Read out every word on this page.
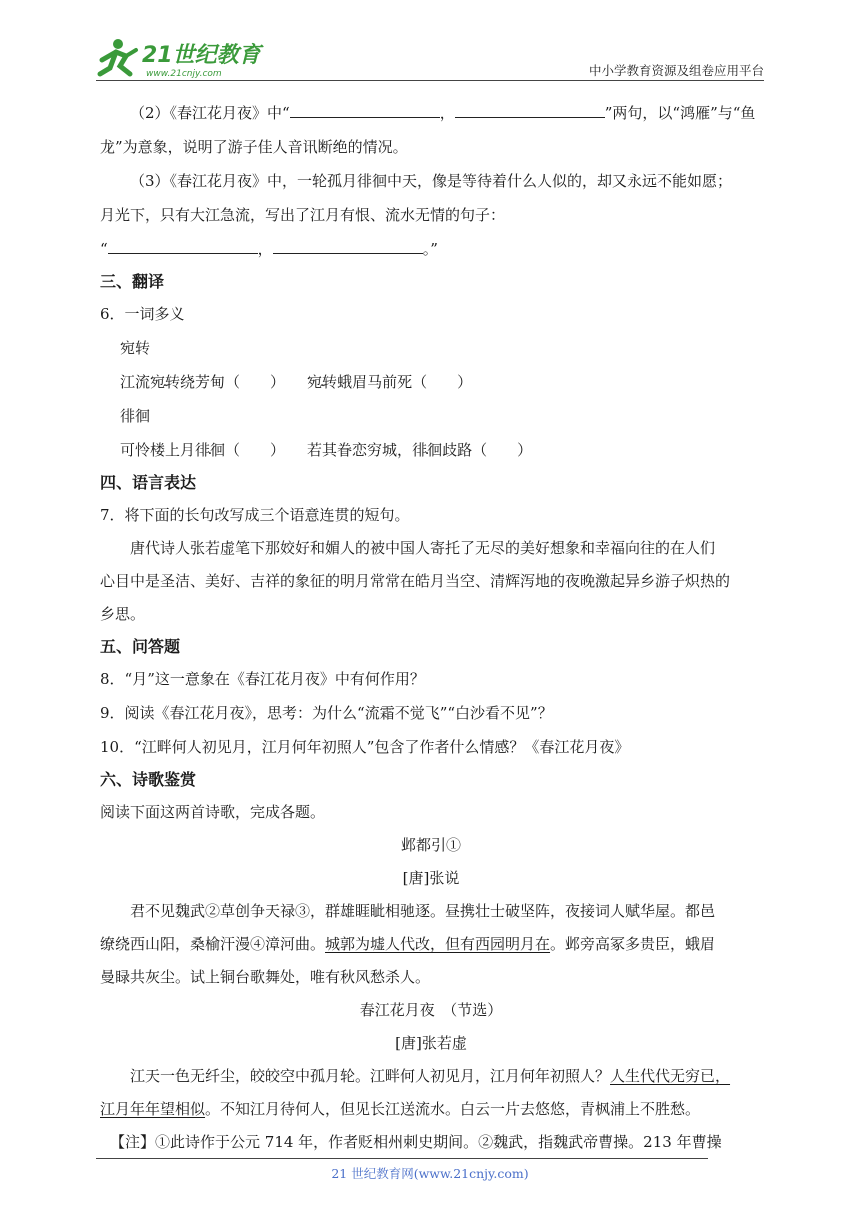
21世纪教育
www.21cnjy.com	中小学教育资源及组卷应用平台

（2）《春江花月夜》中“	，	”两句，以“鸿雁”与“鱼

龙”为意象，说明了游子佳人音讯断绝的情况。

（3）《春江花月夜》中，一轮孤月徘徊中天，像是等待着什么人似的，却又永远不能如愿；

月光下，只有大江急流，写出了江月有恨、流水无情的句子：

“	，	。”

三、翻译

6．一词多义

宛转

江流宛转 ·绕芳甸（　　） 宛转 ·蛾眉马前死（　　）

徘徊

可怜楼上月徘徊 ·（　　） 若其眷恋穷城，徘徊 ·歧路（　　）

四、语言表达

7．将下面的长句改写成三个语意连贯的短句。

唐代诗人张若虚笔下那姣好和媚人的被中国人寄托了无尽的美好想象和幸福向往的在人们

心目中是圣洁、美好、吉祥的象征的明月常常在皓月当空、清辉泻地的夜晚激起异乡游子炽热的

乡思。

五、问答题

8．“月”这一意象在《春江花月夜》中有何作用？

9．阅读《春江花月夜》，思考：为什么“流霜不觉飞”“白沙看不见”？

10．“江畔何人初见月，江月何年初照人”包含了作者什么情感？《春江花月夜》

六、诗歌鉴赏

阅读下面这两首诗歌，完成各题。

邺都引①

[唐]张说

君不见魏武②草创争天禄③，群雄睚眦相驰逐。昼携壮士破坚阵，夜接词人赋华屋。都邑

缭绕西山阳，桑榆汗漫④漳河曲。城郭为墟人代改，但有西园明月在。邺旁高冢多贵臣，蛾眉

曼睩共灰尘。试上铜台歌舞处，唯有秋风愁杀人。

春江花月夜　（节选）

[唐]张若虚

江天一色无纤尘，皎皎空中孤月轮。江畔何人初见月，江月何年初照人？人生代代无穷已，

江月年年望相似。不知江月待何人，但见长江送流水。白云一片去悠悠，青枫浦上不胜愁。

【注】①此诗作于公元 714 年，作者贬相州刺史期间。②魏武，指魏武帝曹操。213 年曹操

21 世纪教育网(www.21cnjy.com)
